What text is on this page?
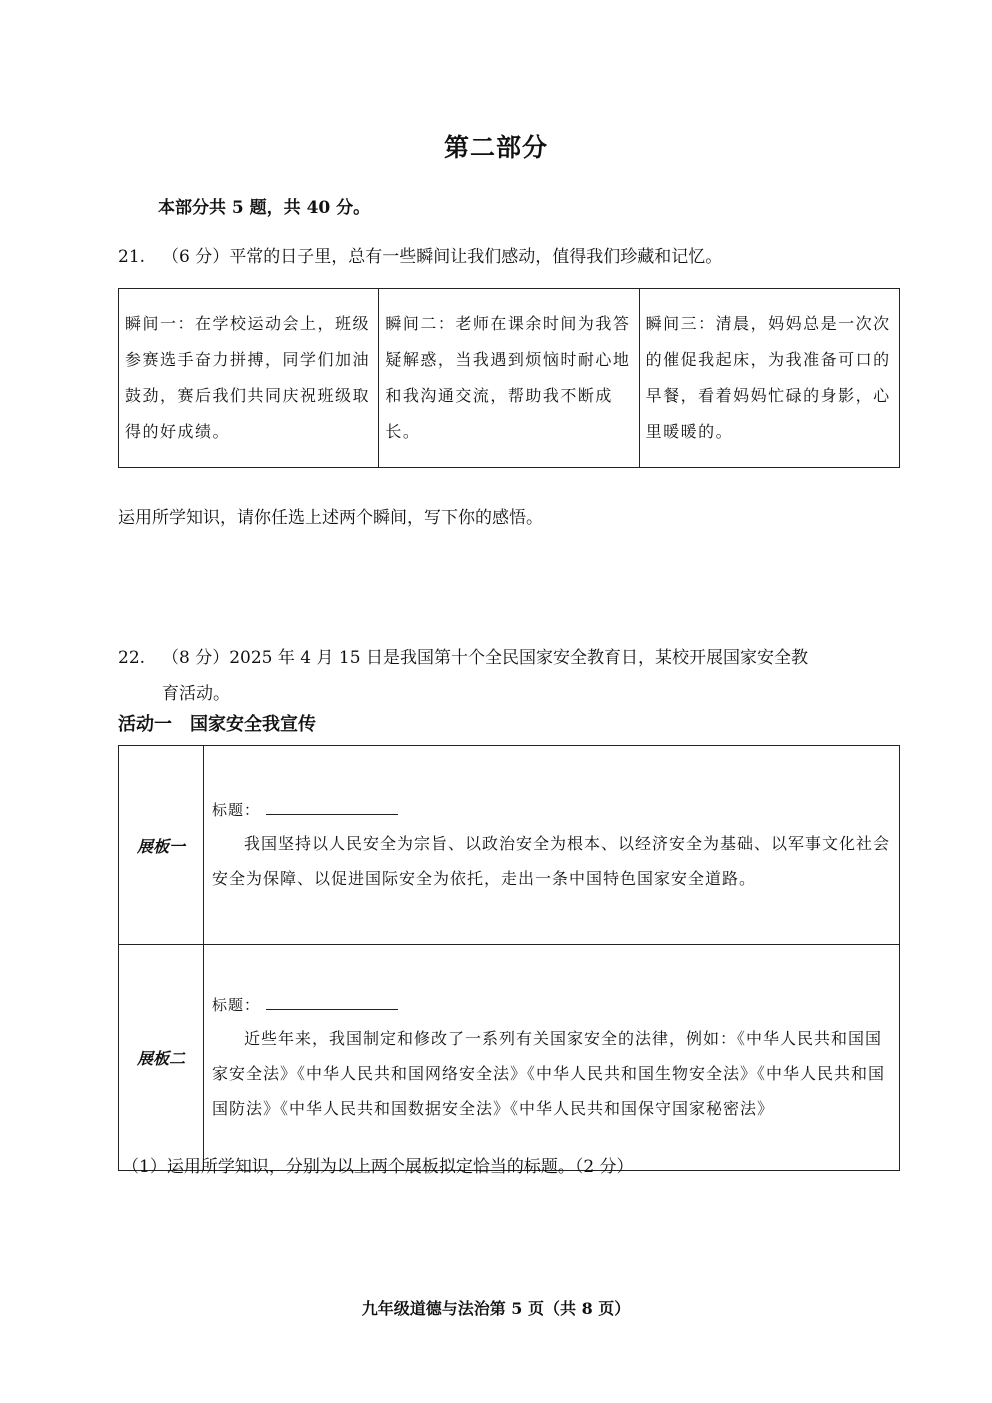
第二部分
本部分共 5 题，共 40 分。
21. （6 分）平常的日子里，总有一些瞬间让我们感动，值得我们珍藏和记忆。
瞬间一：在学校运动会上，班级参赛选手奋力拼搏，同学们加油鼓劲，赛后我们共同庆祝班级取得的好成绩。	瞬间二：老师在课余时间为我答疑解惑，当我遇到烦恼时耐心地和我沟通交流，帮助我不断成长。	瞬间三：清晨，妈妈总是一次次的催促我起床，为我准备可口的早餐，看着妈妈忙碌的身影，心里暖暖的。
运用所学知识，请你任选上述两个瞬间，写下你的感悟。
22. （8 分）2025 年 4 月 15 日是我国第十个全民国家安全教育日，某校开展国家安全教
育活动。
活动一 国家安全我宣传
展板一	标题：
我国坚持以人民安全为宗旨、以政治安全为根本、以经济安全为基础、以军事文化社会安全为保障、以促进国际安全为依托，走出一条中国特色国家安全道路。

展板二	标题：
近些年来，我国制定和修改了一系列有关国家安全的法律，例如：《中华人民共和国国家安全法》《中华人民共和国网络安全法》《中华人民共和国生物安全法》《中华人民共和国国防法》《中华人民共和国数据安全法》《中华人民共和国保守国家秘密法》
（1）运用所学知识，分别为以上两个展板拟定恰当的标题。（2 分）
九年级道德与法治第 5 页（共 8 页）
